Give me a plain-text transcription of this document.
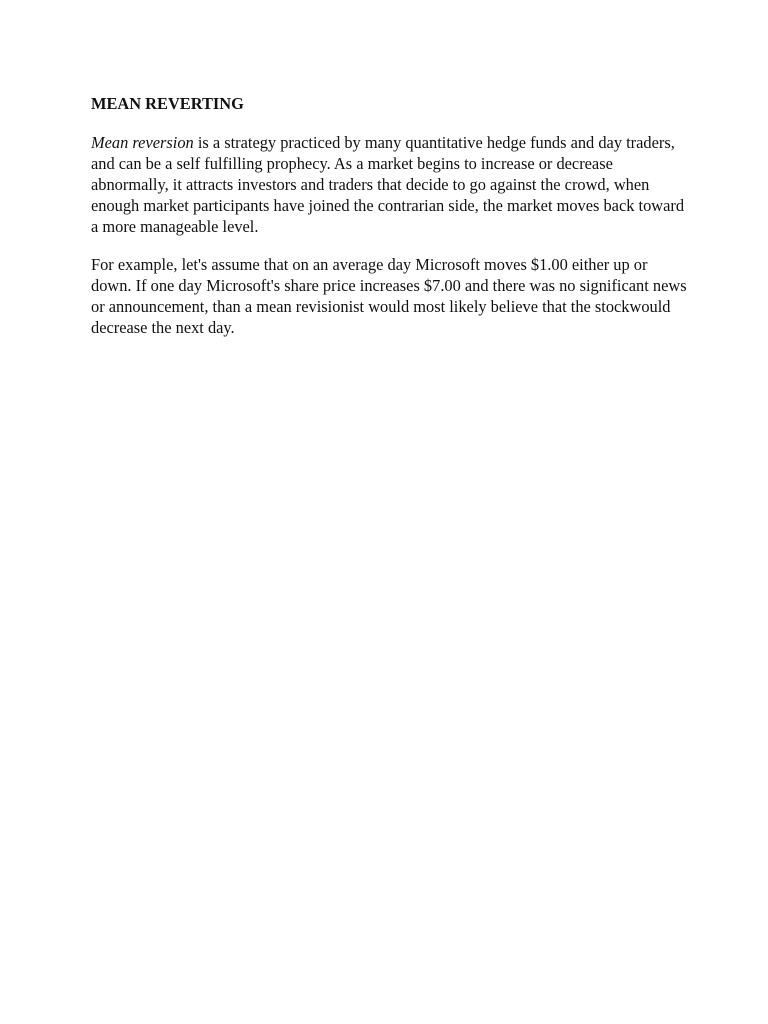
MEAN REVERTING

Mean reversion is a strategy practiced by many quantitative hedge funds and day traders, and can be a self fulfilling prophecy. As a market begins to increase or decrease abnormally, it attracts investors and traders that decide to go against the crowd, when enough market participants have joined the contrarian side, the market moves back toward a more manageable level.

For example, let's assume that on an average day Microsoft moves $1.00 either up or down. If one day Microsoft's share price increases $7.00 and there was no significant news or announcement, than a mean revisionist would most likely believe that the stockwould decrease the next day.
